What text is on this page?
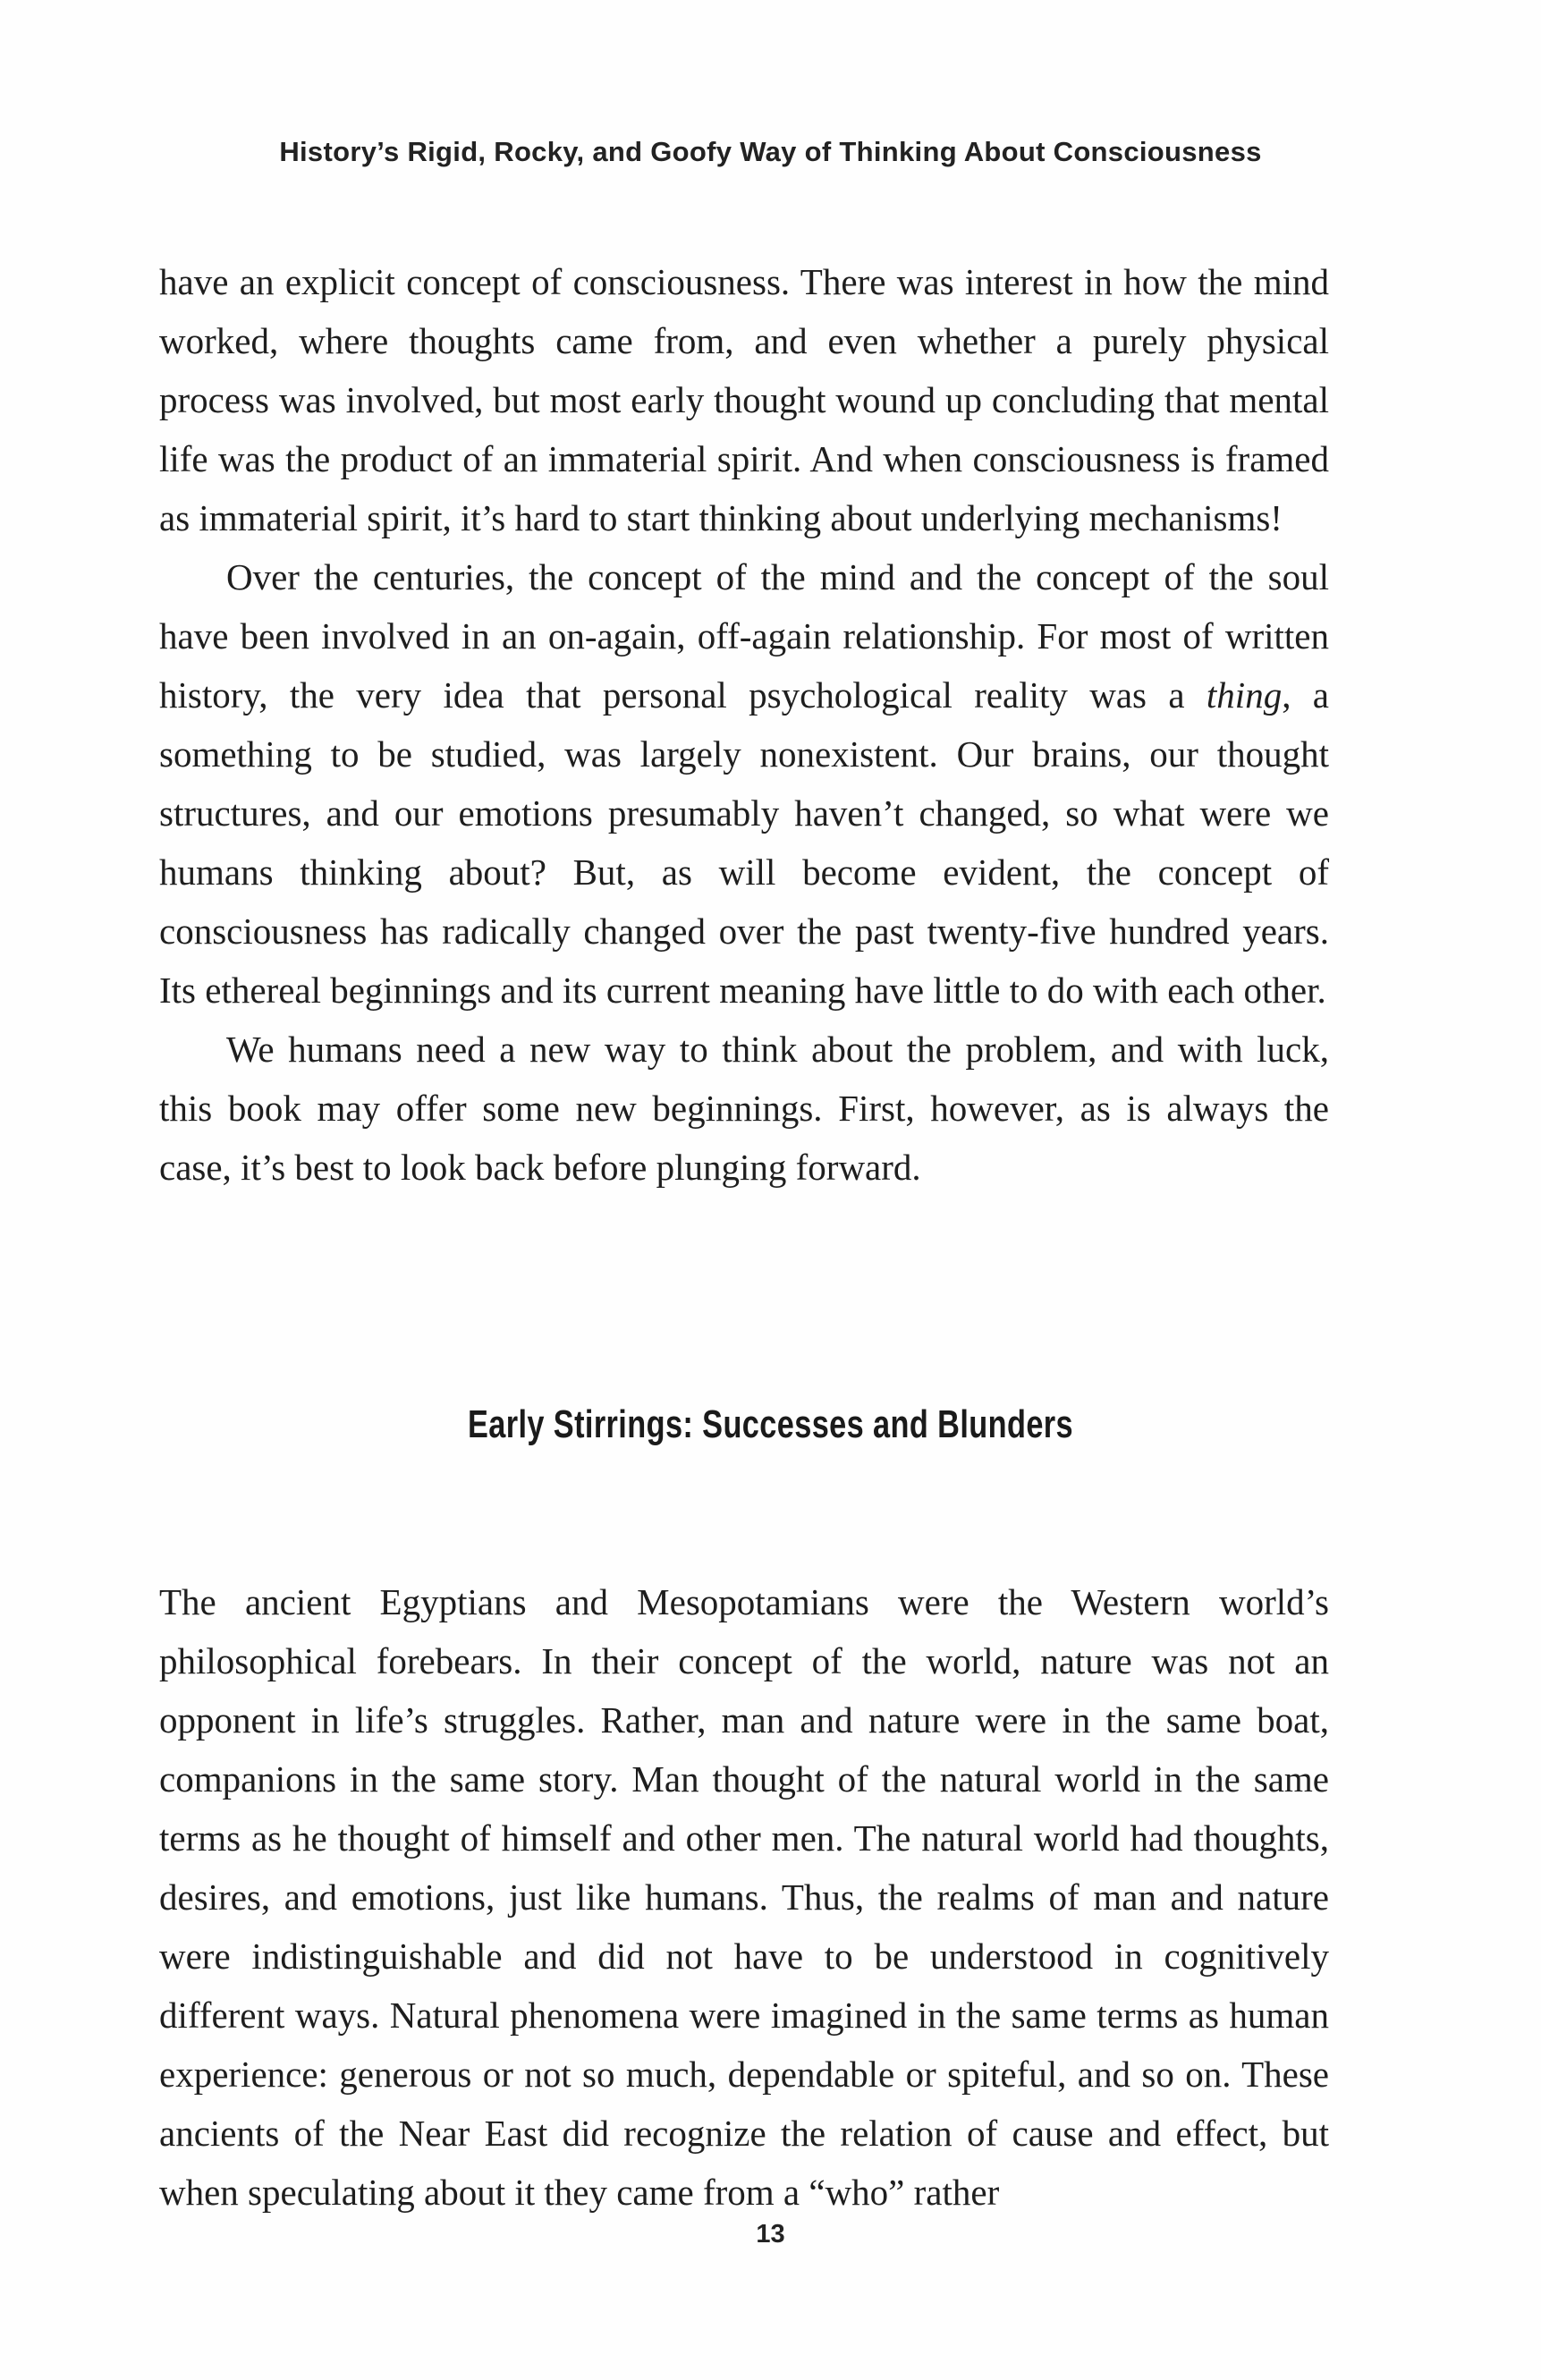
History’s Rigid, Rocky, and Goofy Way of Thinking About Consciousness

have an explicit concept of consciousness. There was interest in how the mind worked, where thoughts came from, and even whether a purely physical process was involved, but most early thought wound up concluding that mental life was the product of an immaterial spirit. And when consciousness is framed as immaterial spirit, it’s hard to start thinking about underlying mechanisms!

Over the centuries, the concept of the mind and the concept of the soul have been involved in an on-again, off-again relationship. For most of written history, the very idea that personal psychological reality was a thing, a something to be studied, was largely nonexistent. Our brains, our thought structures, and our emotions presumably haven’t changed, so what were we humans thinking about? But, as will become evident, the concept of consciousness has radically changed over the past twenty-five hundred years. Its ethereal beginnings and its current meaning have little to do with each other.

We humans need a new way to think about the problem, and with luck, this book may offer some new beginnings. First, however, as is always the case, it’s best to look back before plunging forward.

Early Stirrings: Successes and Blunders

The ancient Egyptians and Mesopotamians were the Western world’s philosophical forebears. In their concept of the world, nature was not an opponent in life’s struggles. Rather, man and nature were in the same boat, companions in the same story. Man thought of the natural world in the same terms as he thought of himself and other men. The natural world had thoughts, desires, and emotions, just like humans. Thus, the realms of man and nature were indistinguishable and did not have to be understood in cognitively different ways. Natural phenomena were imagined in the same terms as human experience: generous or not so much, dependable or spiteful, and so on. These ancients of the Near East did recognize the relation of cause and effect, but when speculating about it they came from a “who” rather

13
